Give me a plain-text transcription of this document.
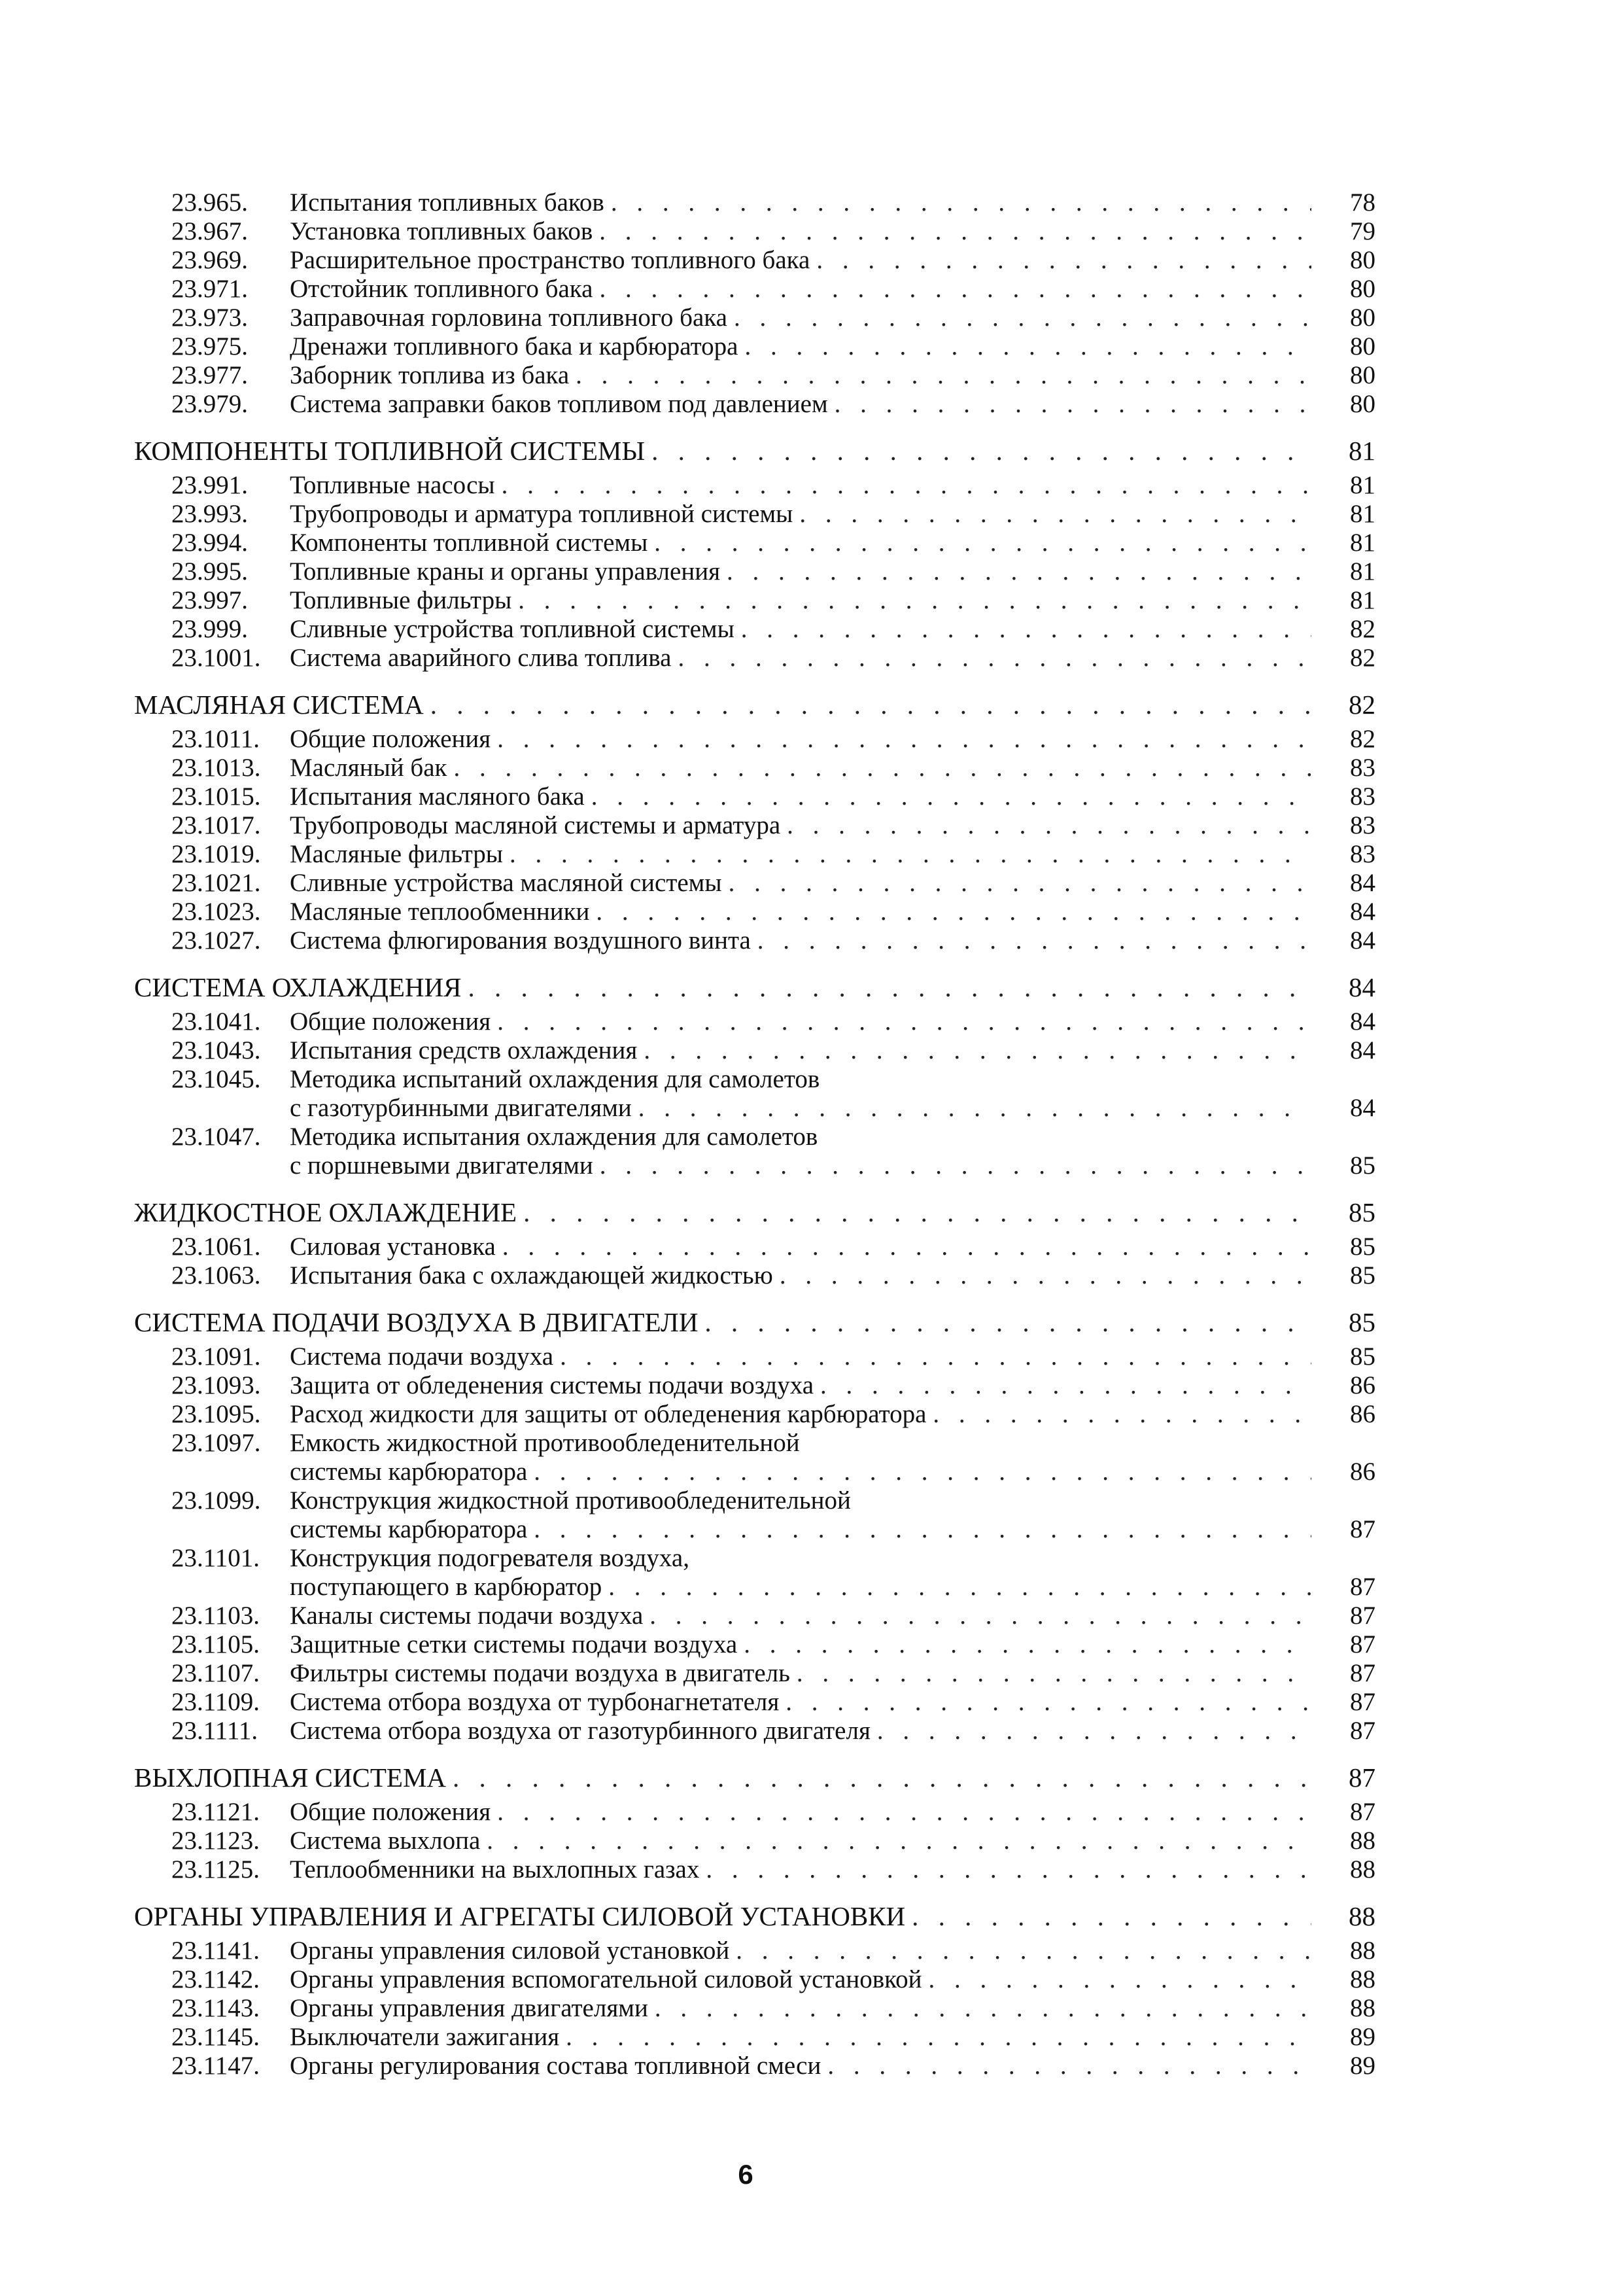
23.965.	Испытания топливных баков . . .	78
23.967.	Установка топливных баков . . .	79
23.969.	Расширительное пространство топливного бака . . .	80
23.971.	Отстойник топливного бака . . .	80
23.973.	Заправочная горловина топливного бака . . .	80
23.975.	Дренажи топливного бака и карбюратора . . .	80
23.977.	Заборник топлива из бака . . .	80
23.979.	Система заправки баков топливом под давлением . . .	80
КОМПОНЕНТЫ ТОПЛИВНОЙ СИСТЕМЫ . . .	81
23.991.	Топливные насосы . . .	81
23.993.	Трубопроводы и арматура топливной системы . . .	81
23.994.	Компоненты топливной системы . . .	81
23.995.	Топливные краны и органы управления . . .	81
23.997.	Топливные фильтры . . .	81
23.999.	Сливные устройства топливной системы . . .	82
23.1001.	Система аварийного слива топлива . . .	82
МАСЛЯНАЯ СИСТЕМА . . .	82
23.1011.	Общие положения . . .	82
23.1013.	Масляный бак . . .	83
23.1015.	Испытания масляного бака . . .	83
23.1017.	Трубопроводы масляной системы и арматура . . .	83
23.1019.	Масляные фильтры . . .	83
23.1021.	Сливные устройства масляной системы . . .	84
23.1023.	Масляные теплообменники . . .	84
23.1027.	Система флюгирования воздушного винта . . .	84
СИСТЕМА ОХЛАЖДЕНИЯ . . .	84
23.1041.	Общие положения . . .	84
23.1043.	Испытания средств охлаждения . . .	84
23.1045.	Методика испытаний охлаждения для самолетов
с газотурбинными двигателями . . .	84
23.1047.	Методика испытания охлаждения для самолетов
с поршневыми двигателями . . .	85
ЖИДКОСТНОЕ ОХЛАЖДЕНИЕ . . .	85
23.1061.	Силовая установка . . .	85
23.1063.	Испытания бака с охлаждающей жидкостью . . .	85
СИСТЕМА ПОДАЧИ ВОЗДУХА В ДВИГАТЕЛИ . . .	85
23.1091.	Система подачи воздуха . . .	85
23.1093.	Защита от обледенения системы подачи воздуха . . .	86
23.1095.	Расход жидкости для защиты от обледенения карбюратора . . .	86
23.1097.	Емкость жидкостной противообледенительной
системы карбюратора . . .	86
23.1099.	Конструкция жидкостной противообледенительной
системы карбюратора . . .	87
23.1101.	Конструкция подогревателя воздуха,
поступающего в карбюратор . . .	87
23.1103.	Каналы системы подачи воздуха . . .	87
23.1105.	Защитные сетки системы подачи воздуха . . .	87
23.1107.	Фильтры системы подачи воздуха в двигатель . . .	87
23.1109.	Система отбора воздуха от турбонагнетателя . . .	87
23.1111.	Система отбора воздуха от газотурбинного двигателя . . .	87
ВЫХЛОПНАЯ СИСТЕМА . . .	87
23.1121.	Общие положения . . .	87
23.1123.	Система выхлопа . . .	88
23.1125.	Теплообменники на выхлопных газах . . .	88
ОРГАНЫ УПРАВЛЕНИЯ И АГРЕГАТЫ СИЛОВОЙ УСТАНОВКИ . . .	88
23.1141.	Органы управления силовой установкой . . .	88
23.1142.	Органы управления вспомогательной силовой установкой . . .	88
23.1143.	Органы управления двигателями . . .	88
23.1145.	Выключатели зажигания . . .	89
23.1147.	Органы регулирования состава топливной смеси . . .	89
6
